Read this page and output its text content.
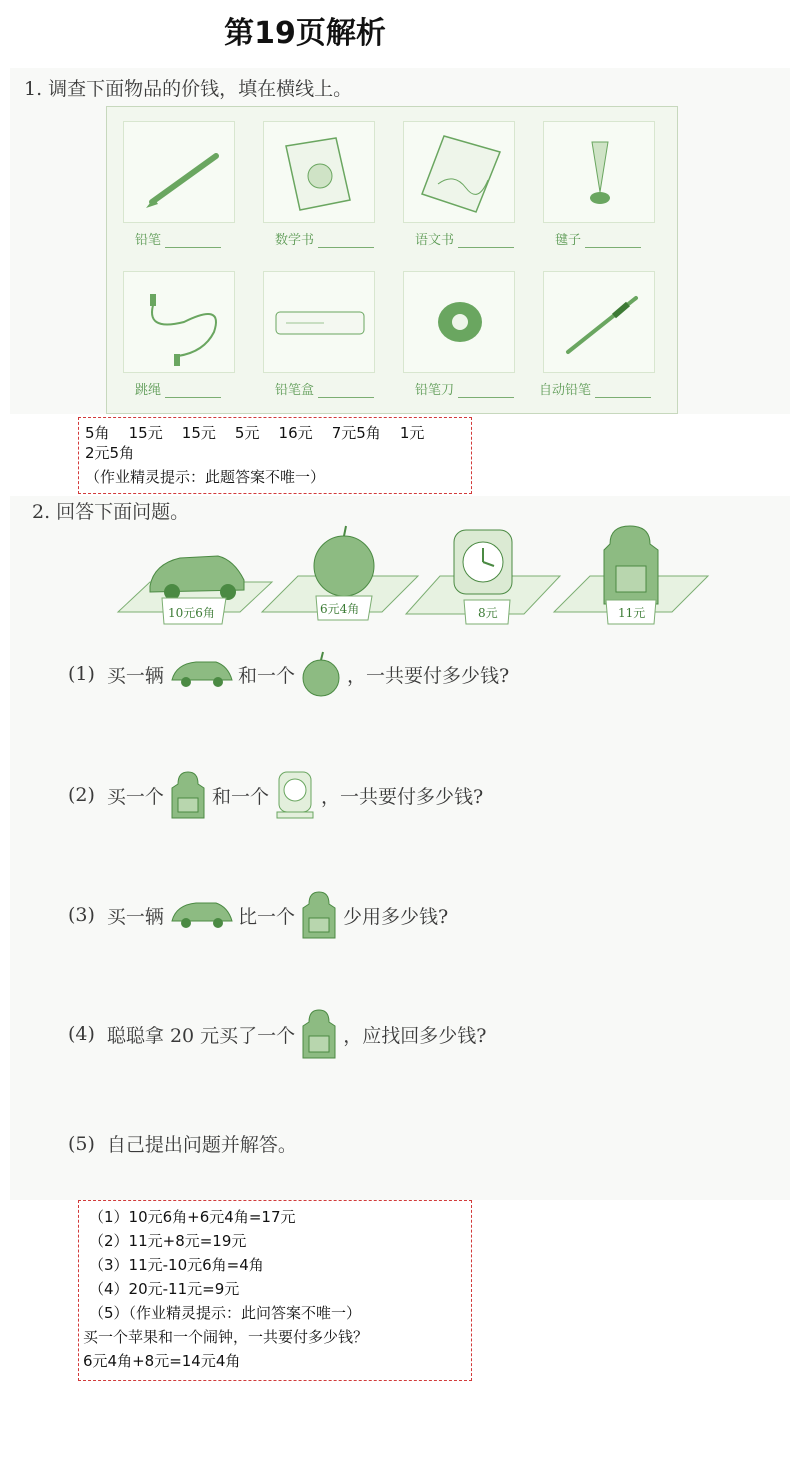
第19页解析
1. 调查下面物品的价钱，填在横线上。
铅笔	数学书	语文书	毽子
跳绳	铅笔盒	铅笔刀	自动铅笔
5角    15元    15元    5元    16元    7元5角    1元
2元5角
（作业精灵提示：此题答案不唯一）
2. 回答下面问题。
10元6角	6元4角	8元	11元
(1) 买一辆	和一个	，一共要付多少钱?
(2) 买一个	和一个	，一共要付多少钱?
(3) 买一辆	比一个	少用多少钱?
(4) 聪聪拿 20 元买了一个	，应找回多少钱?
(5) 自己提出问题并解答。
（1）10元6角+6元4角=17元
（2）11元+8元=19元
（3）11元-10元6角=4角
（4）20元-11元=9元
（5）（作业精灵提示：此问答案不唯一）
买一个苹果和一个闹钟，一共要付多少钱？
6元4角+8元=14元4角
